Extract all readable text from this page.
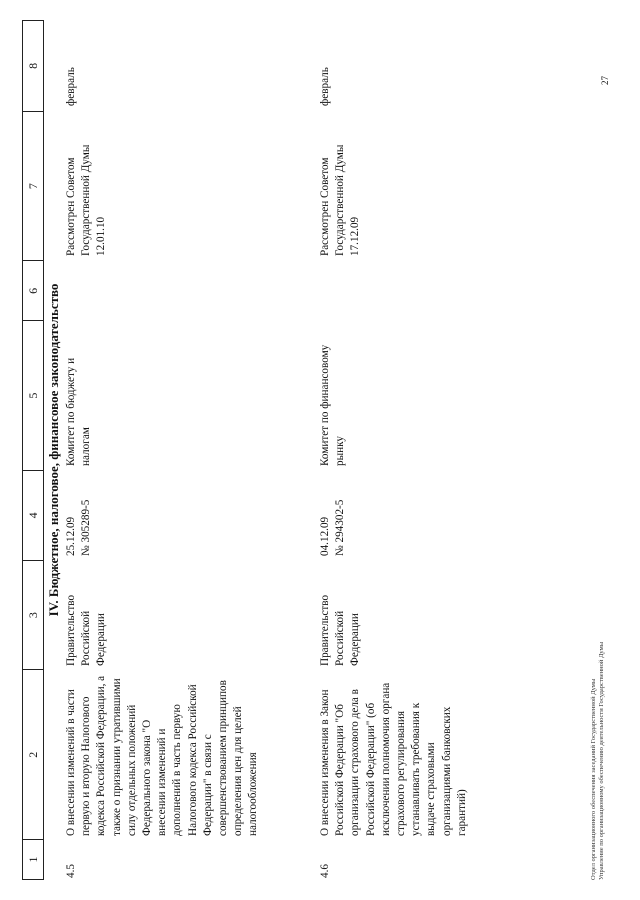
1
2
3
4
5
6
7
8
IV. Бюджетное, налоговое, финансовое законодательство
4.5
О внесении изменений в части первую и вторую Налогового кодекса Российской Федерации, а также о признании утратившими силу отдельных положений Федерального закона "О внесении изменений и дополнений в часть первую Налогового кодекса Российской Федерации" в связи с совершенствованием принципов определения цен для целей налогообложения
Правительство Российской Федерации
25.12.09 № 305289-5
Комитет по бюджету и налогам
Рассмотрен Советом Государственной Думы 12.01.10
февраль
4.6
О внесении изменения в Закон Российской Федерации "Об организации страхового дела в Российской Федерации" (об исключении полномочия органа страхового регулирования устанавливать требования к выдаче страховыми организациями банковских гарантий)
Правительство Российской Федерации
04.12.09 № 294302-5
Комитет по финансовому рынку
Рассмотрен Советом Государственной Думы 17.12.09
февраль
Отдел организационного обеспечения заседаний Государственной Думы Управление по организационному обеспечению деятельности Государственной Думы
27
